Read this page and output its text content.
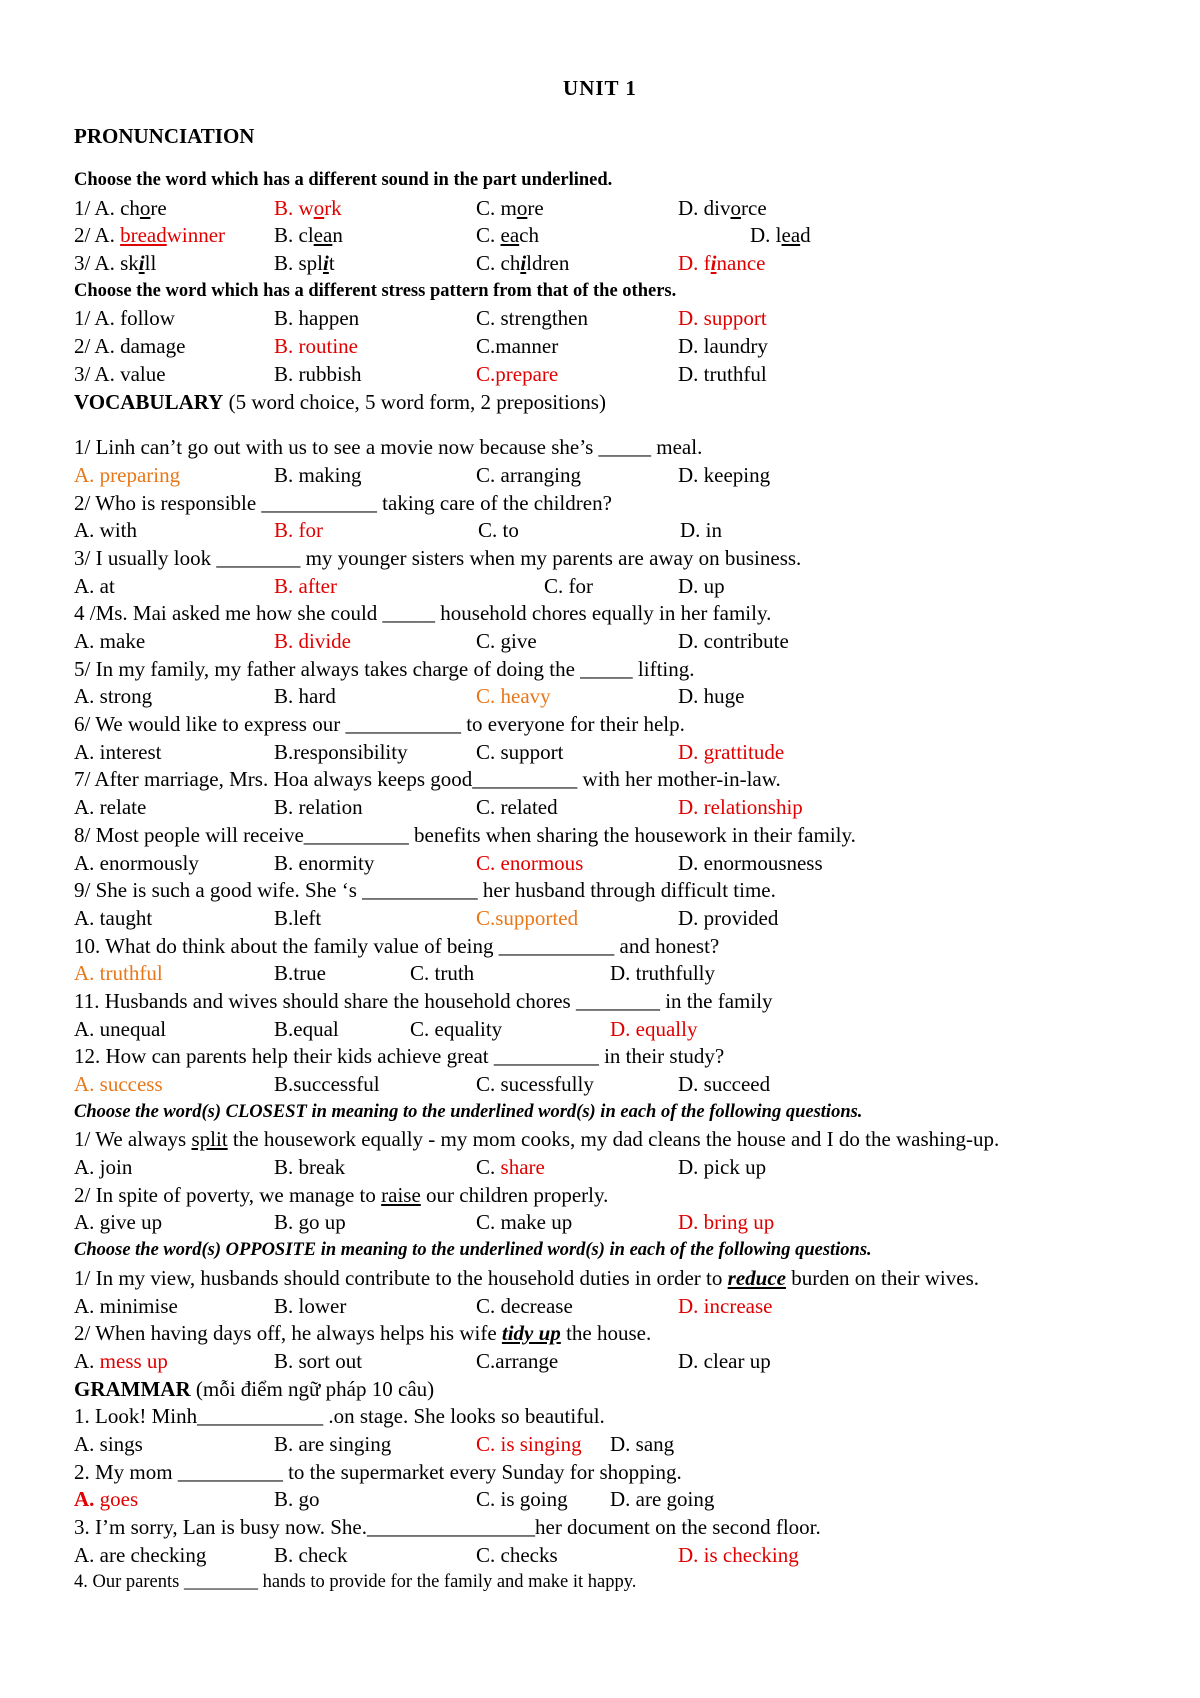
UNIT 1
PRONUNCIATION
Choose the word which has a different sound in the part underlined.
1/ A. chore	B. work	C. more	D. divorce
2/ A. breadwinner B. clean	C. each	D. lead
3/ A. skill	B. split	C. children	D. finance
Choose the word which has a different stress pattern from that of the others.
1/ A. follow	B. happen	C. strengthen	D. support
2/ A. damage	B. routine	C.manner	D. laundry
3/ A. value	B. rubbish	C.prepare	D. truthful
VOCABULARY (5 word choice, 5 word form, 2 prepositions)
1/ Linh can’t go out with us to see a movie now because she’s _____ meal.
A. preparing	B. making	C. arranging	D. keeping
2/ Who is responsible ___________ taking care of the children?
A. with	B. for	C. to	D. in
3/ I usually look ________ my younger sisters when my parents are away on business.
A. at	B. after	C. for	D. up
4 /Ms. Mai asked me how she could _____ household chores equally in her family.
A. make	B. divide	C. give	D. contribute
5/ In my family, my father always takes charge of doing the _____ lifting.
A. strong	B. hard	C. heavy	D. huge
6/ We would like to express our ___________ to everyone for their help.
A. interest	B.responsibility	C. support	D. grattitude
7/ After marriage, Mrs. Hoa always keeps good__________ with her mother-in-law.
A. relate	B. relation	C. related	D. relationship
8/ Most people will receive__________ benefits when sharing the housework in their family.
A. enormously	B. enormity	C. enormous	D. enormousness
9/ She is such a good wife. She ‘s ___________ her husband through difficult time.
A. taught	B.left	C.supported	D. provided
10. What do think about the family value of being ___________ and honest?
A. truthful	B.true	C. truth	D. truthfully
11. Husbands and wives should share the household chores ________ in the family
A. unequal	B.equal	C. equality	D. equally
12. How can parents help their kids achieve great __________ in their study?
A. success	B.successful	C. sucessfully	D. succeed
Choose the word(s) CLOSEST in meaning to the underlined word(s) in each of the following questions.
1/ We always split the housework equally - my mom cooks, my dad cleans the house and I do the washing-up.
A. join	B. break	C. share	D. pick up
2/ In spite of poverty, we manage to raise our children properly.
A. give up	B. go up	C. make up	D. bring up
Choose the word(s) OPPOSITE in meaning to the underlined word(s) in each of the following questions.
1/ In my view, husbands should contribute to the household duties in order to reduce burden on their wives.
A. minimise	B. lower	C. decrease	D. increase
2/ When having days off, he always helps his wife tidy up the house.
A. mess up	B. sort out	C.arrange	D. clear up
GRAMMAR (mỗi điểm ngữ pháp 10 câu)
1. Look! Minh____________ .on stage. She looks so beautiful.
A. sings	B. are singing	C. is singing D. sang
2. My mom __________ to the supermarket every Sunday for shopping.
A. goes	B. go	C. is going D. are going
3. I’m sorry, Lan is busy now. She.________________her document on the second floor.
A. are checking	B. check	C. checks	D. is checking
4. Our parents ________ hands to provide for the family and make it happy.
